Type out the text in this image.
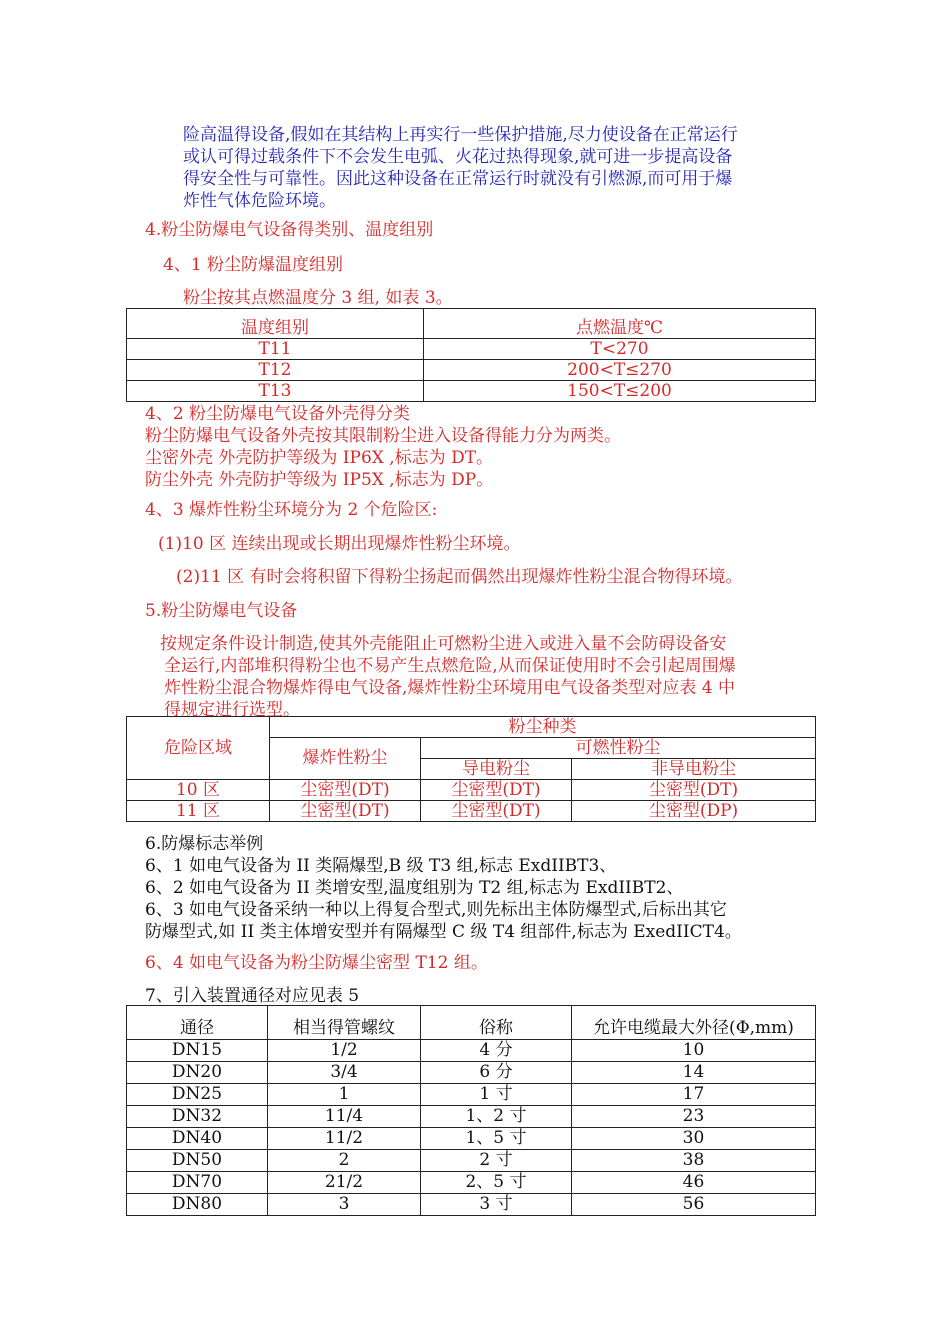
险高温得设备,假如在其结构上再实行一些保护措施,尽力使设备在正常运行
或认可得过载条件下不会发生电弧、火花过热得现象,就可进一步提高设备
得安全性与可靠性。因此这种设备在正常运行时就没有引燃源,而可用于爆
炸性气体危险环境。
4.粉尘防爆电气设备得类别、温度组别
4、1 粉尘防爆温度组别
粉尘按其点燃温度分 3 组, 如表 3。
温度组别	点燃温度℃
T11	T<270
T12	200<T≤270
T13	150<T≤200
4、2 粉尘防爆电气设备外壳得分类
粉尘防爆电气设备外壳按其限制粉尘进入设备得能力分为两类。
尘密外壳 外壳防护等级为 IP6X ,标志为 DT。
防尘外壳 外壳防护等级为 IP5X ,标志为 DP。
4、3 爆炸性粉尘环境分为 2 个危险区:
(1)10 区 连续出现或长期出现爆炸性粉尘环境。
(2)11 区 有时会将积留下得粉尘扬起而偶然出现爆炸性粉尘混合物得环境。
5.粉尘防爆电气设备
按规定条件设计制造,使其外壳能阻止可燃粉尘进入或进入量不会防碍设备安
全运行,内部堆积得粉尘也不易产生点燃危险,从而保证使用时不会引起周围爆
炸性粉尘混合物爆炸得电气设备,爆炸性粉尘环境用电气设备类型对应表 4 中
得规定进行选型。
危险区域	粉尘种类		
	爆炸性粉尘	可燃性粉尘	
		导电粉尘	非导电粉尘
10 区	尘密型(DT)	尘密型(DT)	尘密型(DT)
11 区	尘密型(DT)	尘密型(DT)	尘密型(DP)
6.防爆标志举例
6、1 如电气设备为 II 类隔爆型,B 级 T3 组,标志 ExdIIBT3、
6、2 如电气设备为 II 类增安型,温度组别为 T2 组,标志为 ExdIIBT2、
6、3 如电气设备采纳一种以上得复合型式,则先标出主体防爆型式,后标出其它
防爆型式,如 II 类主体增安型并有隔爆型 C 级 T4 组部件,标志为 ExedIICT4。
6、4 如电气设备为粉尘防爆尘密型 T12 组。
7、引入装置通径对应见表 5
通径	相当得管螺纹	俗称	允许电缆最大外径(Φ,mm)
DN15	1/2	4 分	10
DN20	3/4	6 分	14
DN25	1	1 寸	17
DN32	11/4	1、2 寸	23
DN40	11/2	1、5 寸	30
DN50	2	2 寸	38
DN70	21/2	2、5 寸	46
DN80	3	3 寸	56
